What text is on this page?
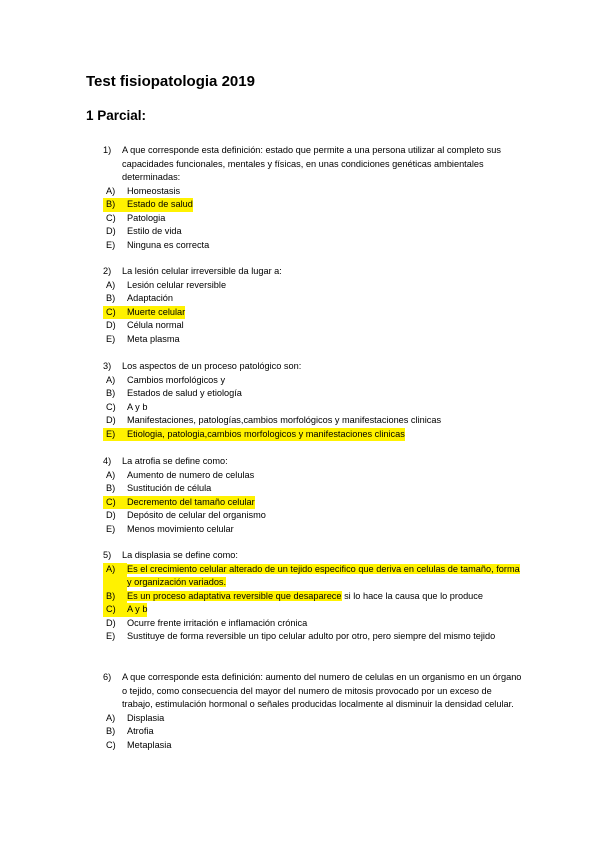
Test fisiopatologia 2019
1 Parcial:
1)	A que corresponde esta definición: estado que permite a una persona utilizar al completo sus capacidades funcionales, mentales y físicas, en unas condiciones genéticas ambientales determinadas:
A)	Homeostasis
B)	Estado de salud
C)	Patologia
D)	Estilo de vida
E)	Ninguna es correcta
2)	La lesión celular irreversible da lugar a:
A)	Lesión celular reversible
B)	Adaptación
C)	Muerte celular
D)	Célula normal
E)	Meta plasma
3)	Los aspectos de un proceso patológico son:
A)	Cambios morfológicos y
B)	Estados de salud y etiología
C)	A y b
D)	Manifestaciones, patologías,cambios morfológicos y manifestaciones clinicas
E)	Etiologia, patologia,cambios morfologicos y manifestaciones clinicas
4)	La atrofia se define como:
A)	Aumento de numero de celulas
B)	Sustitución de célula
C)	Decremento del tamaño celular
D)	Depósito de celular del organismo
E)	Menos movimiento celular
5)	La displasia se define como:
A)	Es el crecimiento celular alterado de un tejido especifico que deriva en celulas de tamaño, forma y organización variados.
B)	Es un proceso adaptativa reversible que desaparece si lo hace la causa que lo produce
C)	A y b
D)	Ocurre frente irritación e inflamación crónica
E)	Sustituye de forma reversible un tipo celular adulto por otro, pero siempre del mismo tejido
6)	A que corresponde esta definición: aumento del numero de celulas en un organismo en un órgano o tejido, como consecuencia del mayor del numero de mitosis provocado por un exceso de trabajo, estimulación hormonal o señales producidas localmente al disminuir la densidad celular.
A)	Displasia
B)	Atrofia
C)	Metaplasia
